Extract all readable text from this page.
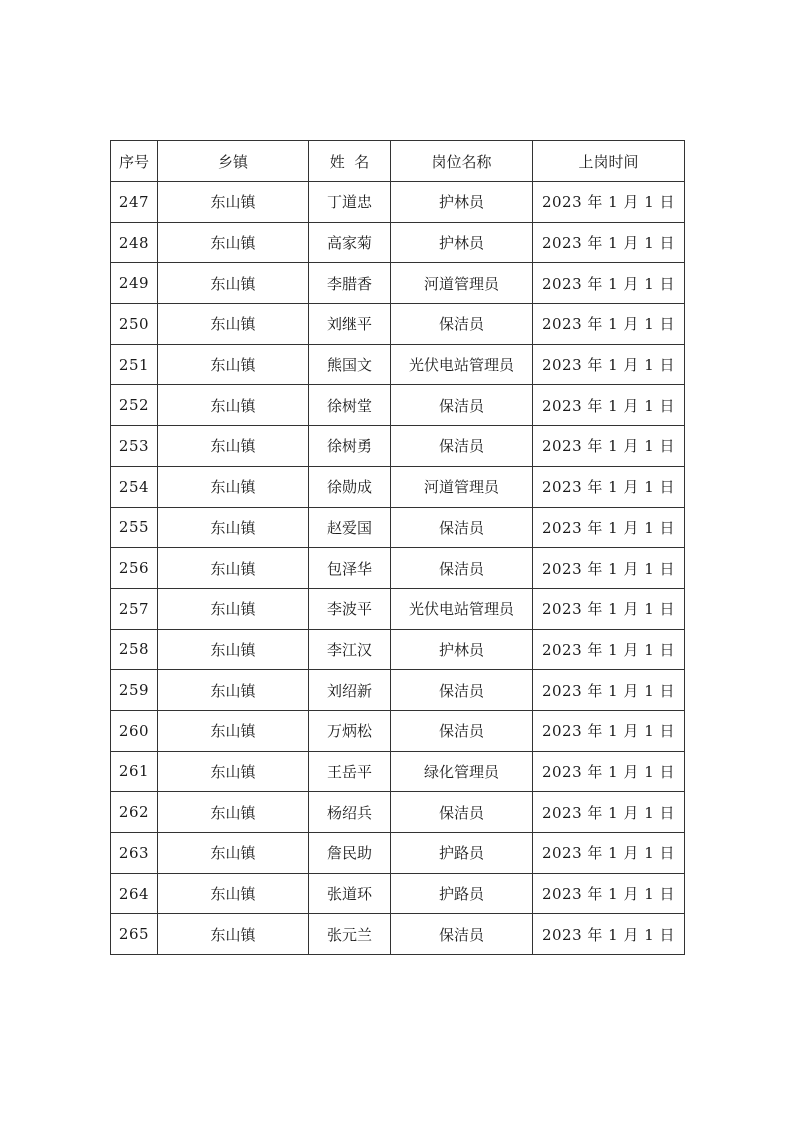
序号	乡镇	姓  名	岗位名称	上岗时间
247	东山镇	丁道忠	护林员	2023 年 1 月 1 日
248	东山镇	高家菊	护林员	2023 年 1 月 1 日
249	东山镇	李腊香	河道管理员	2023 年 1 月 1 日
250	东山镇	刘继平	保洁员	2023 年 1 月 1 日
251	东山镇	熊国文	光伏电站管理员	2023 年 1 月 1 日
252	东山镇	徐树堂	保洁员	2023 年 1 月 1 日
253	东山镇	徐树勇	保洁员	2023 年 1 月 1 日
254	东山镇	徐勋成	河道管理员	2023 年 1 月 1 日
255	东山镇	赵爱国	保洁员	2023 年 1 月 1 日
256	东山镇	包泽华	保洁员	2023 年 1 月 1 日
257	东山镇	李波平	光伏电站管理员	2023 年 1 月 1 日
258	东山镇	李江汉	护林员	2023 年 1 月 1 日
259	东山镇	刘绍新	保洁员	2023 年 1 月 1 日
260	东山镇	万炳松	保洁员	2023 年 1 月 1 日
261	东山镇	王岳平	绿化管理员	2023 年 1 月 1 日
262	东山镇	杨绍兵	保洁员	2023 年 1 月 1 日
263	东山镇	詹民助	护路员	2023 年 1 月 1 日
264	东山镇	张道环	护路员	2023 年 1 月 1 日
265	东山镇	张元兰	保洁员	2023 年 1 月 1 日
